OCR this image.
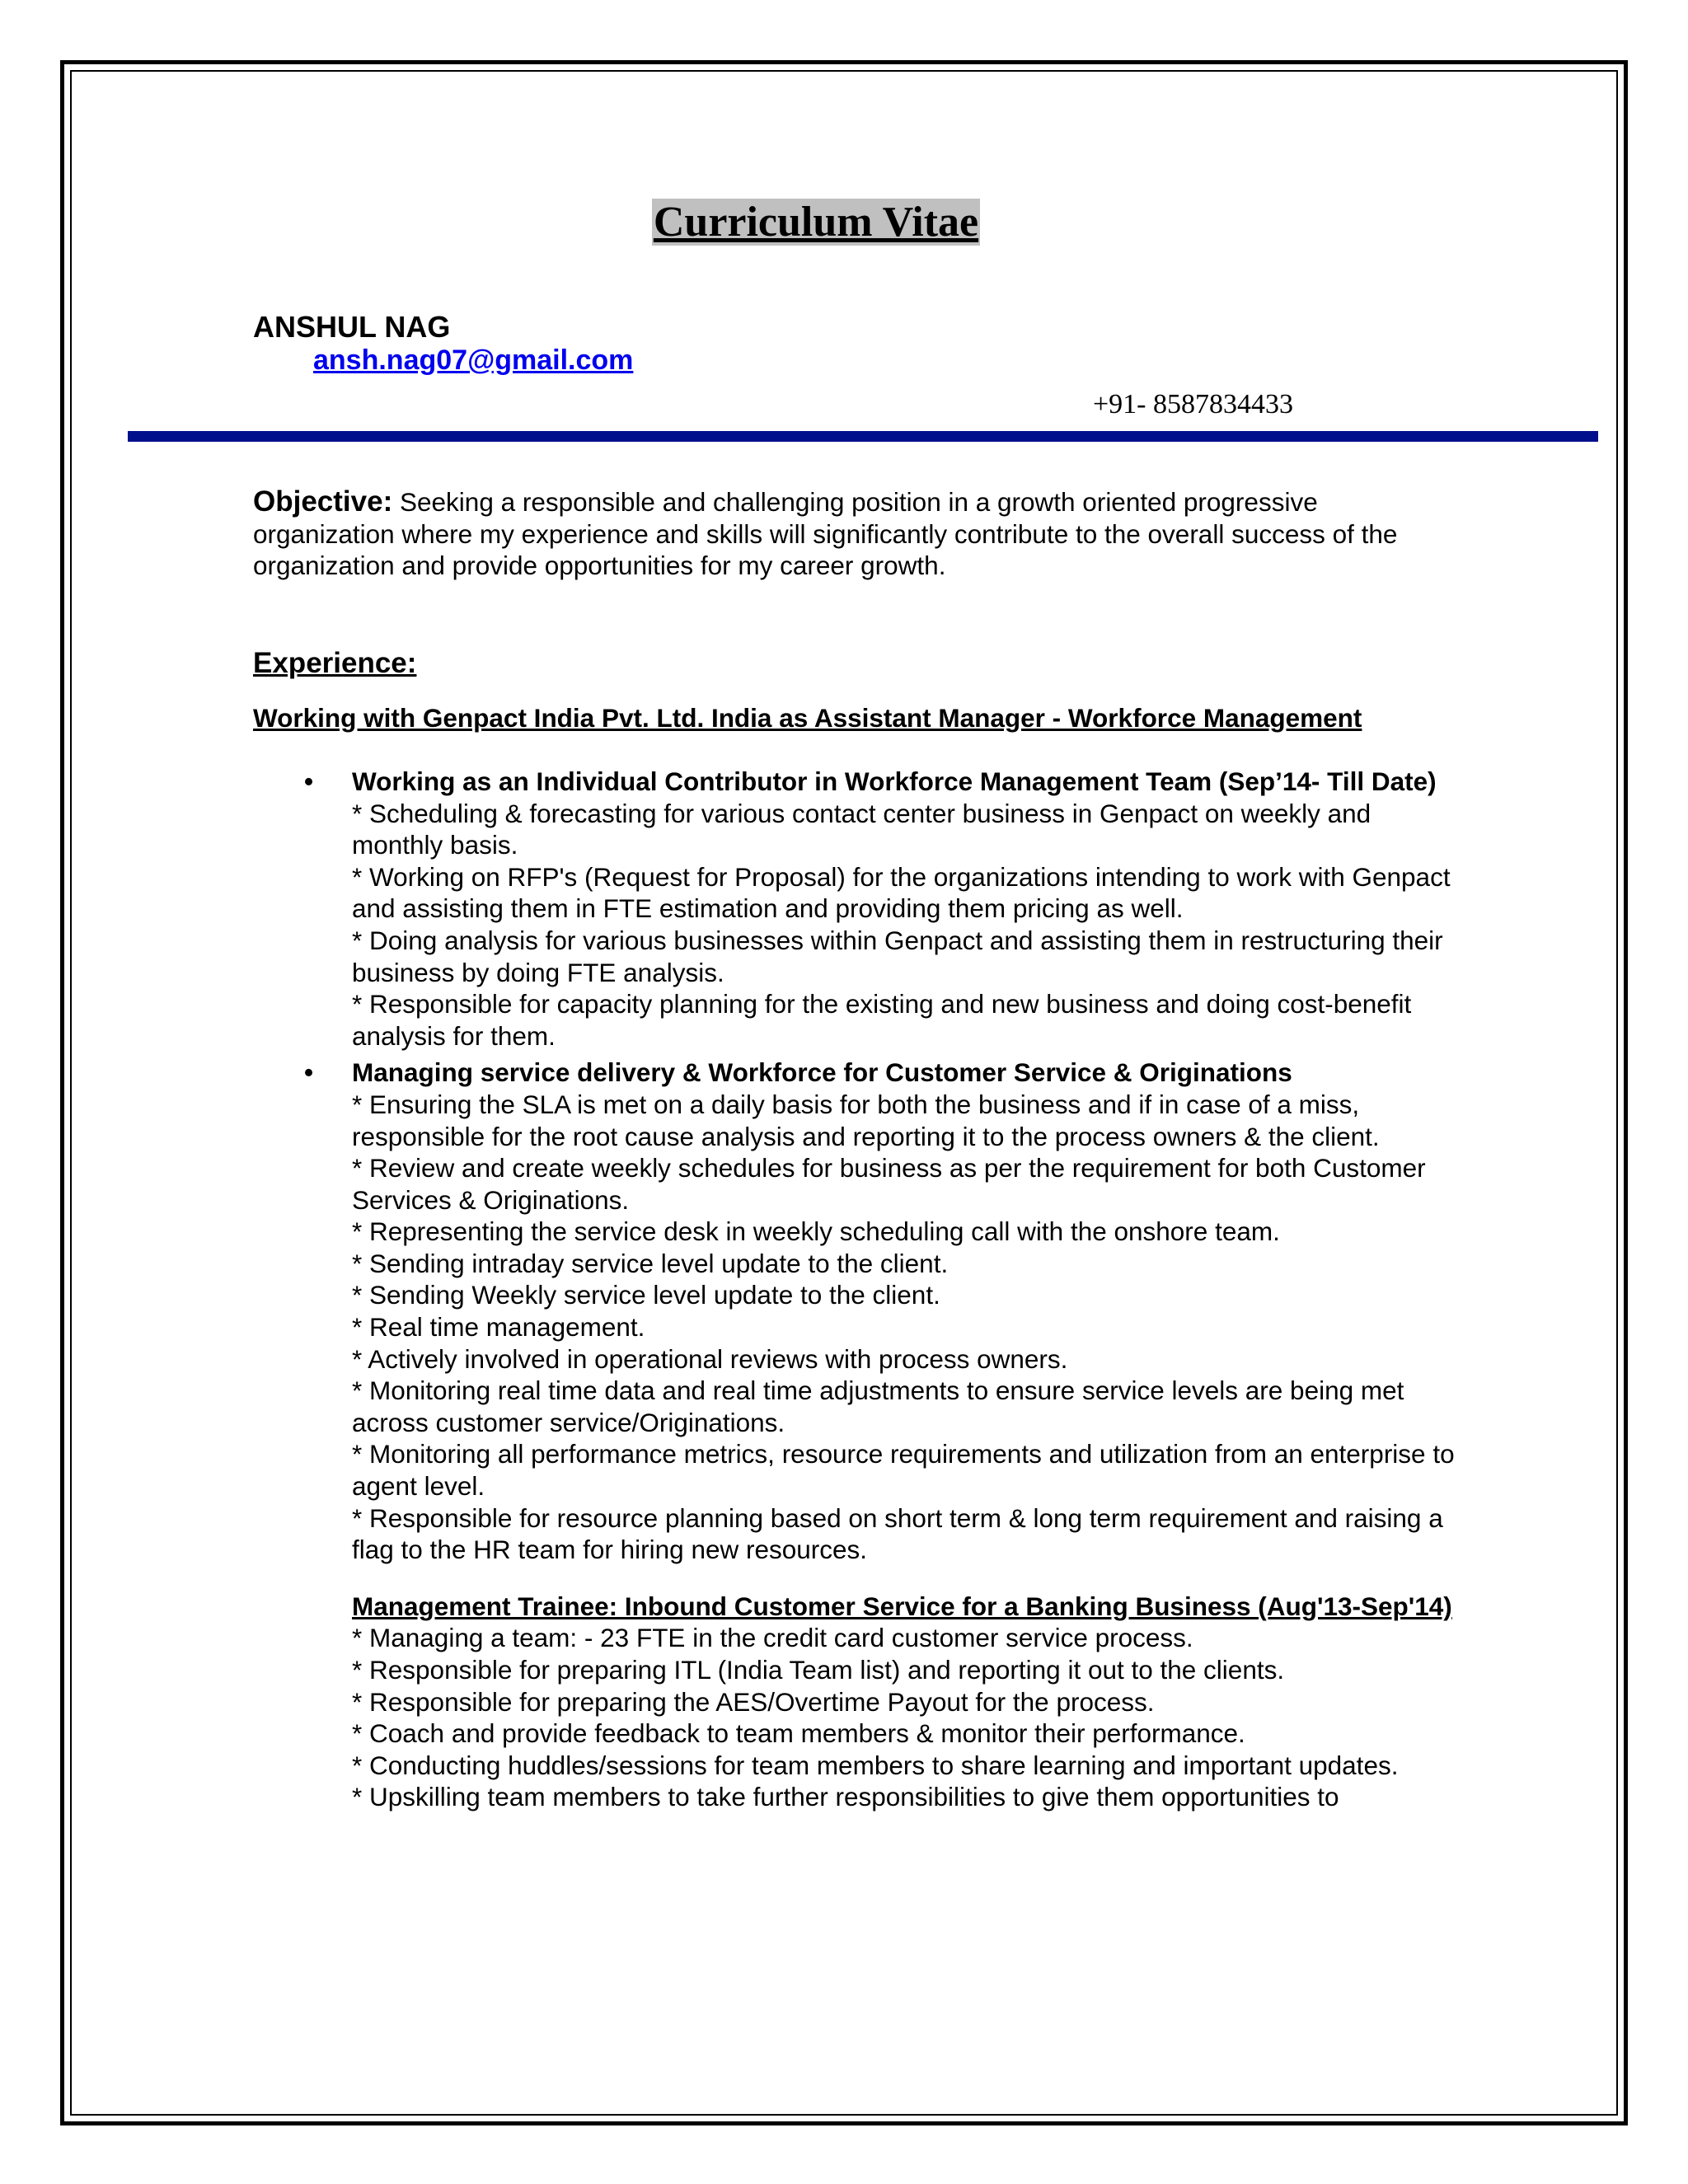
Curriculum Vitae
ANSHUL NAG
ansh.nag07@gmail.com
+91- 8587834433
Objective: Seeking a responsible and challenging position in a growth oriented progressive organization where my experience and skills will significantly contribute to the overall success of the organization and provide opportunities for my career growth.
Experience:
Working with Genpact India Pvt. Ltd. India as Assistant Manager - Workforce Management
• Working as an Individual Contributor in Workforce Management Team (Sep’14- Till Date)
* Scheduling & forecasting for various contact center business in Genpact on weekly and monthly basis.
* Working on RFP's (Request for Proposal) for the organizations intending to work with Genpact and assisting them in FTE estimation and providing them pricing as well.
* Doing analysis for various businesses within Genpact and assisting them in restructuring their business by doing FTE analysis.
* Responsible for capacity planning for the existing and new business and doing cost-benefit analysis for them.
• Managing service delivery & Workforce for Customer Service & Originations
* Ensuring the SLA is met on a daily basis for both the business and if in case of a miss, responsible for the root cause analysis and reporting it to the process owners & the client.
* Review and create weekly schedules for business as per the requirement for both Customer Services & Originations.
* Representing the service desk in weekly scheduling call with the onshore team.
* Sending intraday service level update to the client.
* Sending Weekly service level update to the client.
* Real time management.
* Actively involved in operational reviews with process owners.
* Monitoring real time data and real time adjustments to ensure service levels are being met across customer service/Originations.
* Monitoring all performance metrics, resource requirements and utilization from an enterprise to agent level.
* Responsible for resource planning based on short term & long term requirement and raising a flag to the HR team for hiring new resources.
Management Trainee: Inbound Customer Service for a Banking Business (Aug'13-Sep'14)
* Managing a team: - 23 FTE in the credit card customer service process.
* Responsible for preparing ITL (India Team list) and reporting it out to the clients.
* Responsible for preparing the AES/Overtime Payout for the process.
* Coach and provide feedback to team members & monitor their performance.
* Conducting huddles/sessions for team members to share learning and important updates.
* Upskilling team members to take further responsibilities to give them opportunities to
